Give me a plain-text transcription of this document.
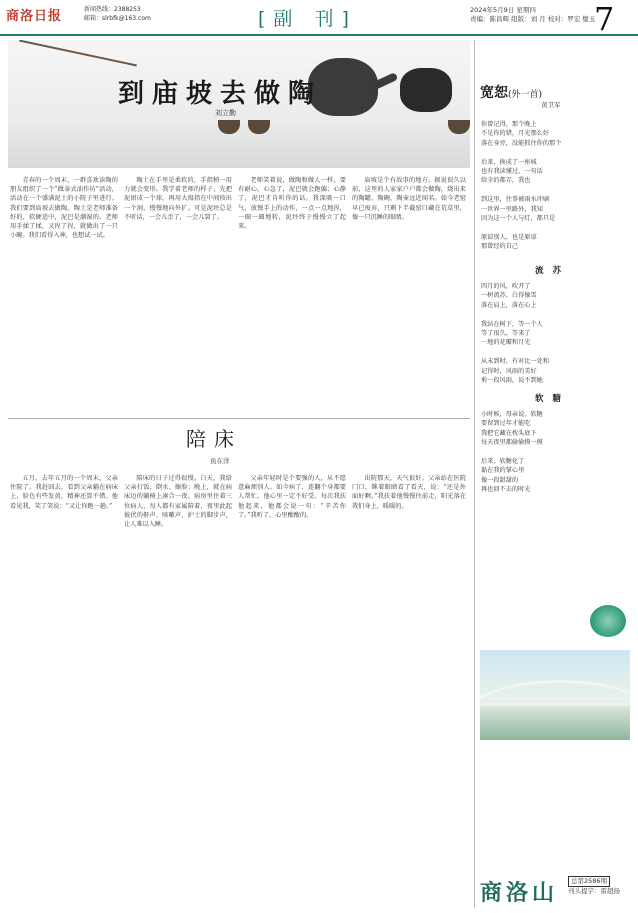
商洛日报	新闻热线：2388253
邮箱：slrbfk@163.com	[副 刊]	2024年5月9日 星期四
责编：陈昌辉 组版：刘 月 校对：罗宏 璧玉
7
到庙坡去做陶
刘立勤

青春的一个周末，一群喜欢读陶的朋友组织了一个“做泰式油作坊”活动，活动在一个盛满泥土的小院子里进行。我们要到庙坡去做陶。陶土是老师准备好的，软硬适中，泥巴是潮湿的。老师用手揉了揉，又捏了捏，就做出了一只小碗。我们看得入神，也想试一试。

陶土在手里是柔软的，手指稍一用力就会变形。我学着老师的样子，先把泥团成一个球，再用大拇指在中间按出一个洞，慢慢地向外扩。可是泥坯总是不听话，一会儿歪了，一会儿裂了。

老师笑着说，做陶和做人一样，要有耐心。心急了，泥巴就会跑偏；心静了，泥巴才肯听你的话。我深吸一口气，放慢手上的动作，一点一点地捏，一圈一圈地转，泥坯终于慢慢立了起来。

庙坡是个有故事的地方。据说很久以前，这里的人家家户户都会做陶，烧出来的陶罐、陶碗、陶壶远近闻名。如今老窑早已废弃，只剩下半截窑口藏在荒草里，像一只沉睡的眼睛。

陪床
鱼在洋

五月，去年五月的一个周末，父亲住院了。我赶回去，看到父亲躺在病床上，脸色有些发黄，精神还算不错。他看见我，笑了笑说：“又让你跑一趟。”

陪床的日子过得很慢。白天，我给父亲打饭、倒水、擦脸；晚上，就在病床边的躺椅上凑合一夜。病房里住着三位病人，每人都有家属陪着，夜里此起彼伏的鼾声、咳嗽声、护士的脚步声，让人难以入睡。

父亲年轻时是个要强的人，从不愿意麻烦别人。如今病了，连翻个身都要人帮忙，他心里一定不好受。每次我扶他起来，他都会说一句：“辛苦你了。”我听了，心里酸酸的。

出院那天，天气很好。父亲站在医院门口，眯着眼睛看了看天，说：“还是外面好啊。”我扶着他慢慢往前走，阳光落在我们身上，暖暖的。

宽恕(外一首)
黄卫军
你曾记得，那个晚上
不是你的错，月光那么好
落在身旁，没能抓住你的那个

后来，换成了一座城
也有我读懂过，一句话
给全的都弄，我也

到这里，往事被雨水冲刷
一世界一里路外，我知
因为这一个人与灯，都只是

原谅别人，也是原谅
那曾经的自己
流 苏
四月的风，吹开了
一树流苏，白得像雪
落在肩上，落在心上

我站在树下，等一个人
等了很久，等来了
一地的花瓣和月光

从未到时，有对比一处和
记得时，风雨的美好
剪一段风雨，说不到她
软 糖
小时候，母亲说，软糖
要留到过年才能吃
我把它藏在枕头底下
每天夜里都偷偷摸一摸

后来，软糖化了
黏在我的掌心里
像一段甜甜的
再也回不去的时光
商洛山	总第2586期
刊头提字：雷超扬
